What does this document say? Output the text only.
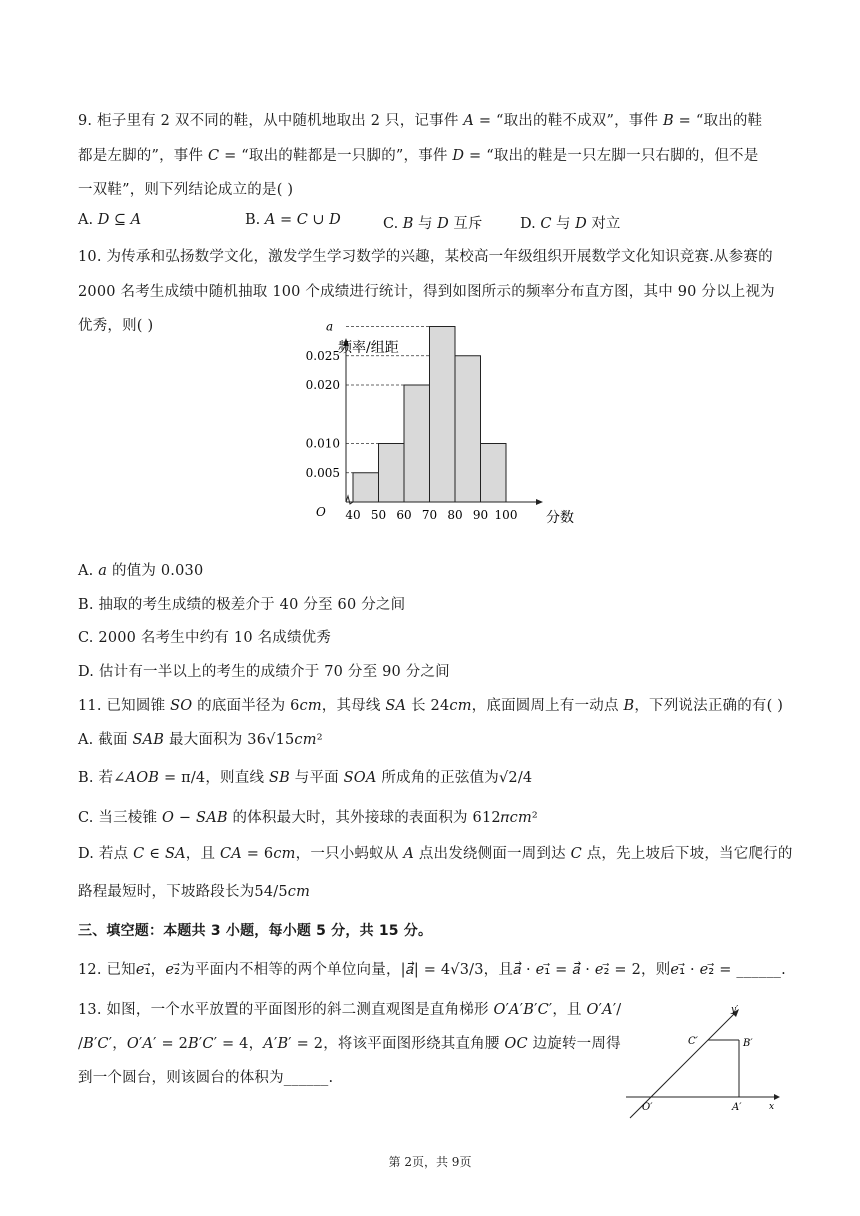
9. 柜子里有 2 双不同的鞋，从中随机地取出 2 只，记事件 𝐴 = “取出的鞋不成双”，事件 𝐵 = “取出的鞋
都是左脚的”，事件 𝐶 = “取出的鞋都是一只脚的”，事件 𝐷 = “取出的鞋是一只左脚一只右脚的，但不是
一双鞋”，则下列结论成立的是( )
A. 𝐷 ⊆ 𝐴	B. 𝐴 = 𝐶 ∪ 𝐷	C. 𝐵 与 𝐷 互斥	D. 𝐶 与 𝐷 对立
10. 为传承和弘扬数学文化，激发学生学习数学的兴趣，某校高一年级组织开展数学文化知识竞赛.从参赛的
2000 名考生成绩中随机抽取 100 个成绩进行统计，得到如图所示的频率分布直方图，其中 90 分以上视为
优秀，则( )
0.005
0.010
0.020
0.025
𝑎
40 50 60 70 80 90 100
𝑂
频率/组距
分数
A. 𝑎 的值为 0.030
B. 抽取的考生成绩的极差介于 40 分至 60 分之间
C. 2000 名考生中约有 10 名成绩优秀
D. 估计有一半以上的考生的成绩介于 70 分至 90 分之间
11. 已知圆锥 𝑆𝑂 的底面半径为 6𝑐𝑚，其母线 𝑆𝐴 长 24𝑐𝑚，底面圆周上有一动点 𝐵，下列说法正确的有( )
A. 截面 𝑆𝐴𝐵 最大面积为 36√15𝑐𝑚²
B. 若∠𝐴𝑂𝐵 = π/4，则直线 𝑆𝐵 与平面 𝑆𝑂𝐴 所成角的正弦值为√2/4
C. 当三棱锥 𝑂 − 𝑆𝐴𝐵 的体积最大时，其外接球的表面积为 612𝜋𝑐𝑚²
D. 若点 𝐶 ∈ 𝑆𝐴，且 𝐶𝐴 = 6𝑐𝑚，一只小蚂蚁从 𝐴 点出发绕侧面一周到达 𝐶 点，先上坡后下坡，当它爬行的
路程最短时，下坡路段长为54/5𝑐𝑚
三、填空题：本题共 3 小题，每小题 5 分，共 15 分。
12. 已知𝑒₁⃗，𝑒₂⃗为平面内不相等的两个单位向量，|𝑎⃗| = 4√3/3，且𝑎⃗ · 𝑒₁⃗ = 𝑎⃗ · 𝑒₂⃗ = 2，则𝑒₁⃗ · 𝑒₂⃗ = ______.
13. 如图，一个水平放置的平面图形的斜二测直观图是直角梯形 𝑂′𝐴′𝐵′𝐶′，且 𝑂′𝐴′/
/𝐵′𝐶′，𝑂′𝐴′ = 2𝐵′𝐶′ = 4，𝐴′𝐵′ = 2，将该平面图形绕其直角腰 𝑂𝐶 边旋转一周得
到一个圆台，则该圆台的体积为______.
y′
x
O′	A′
B′
C′
第 2页，共 9页
